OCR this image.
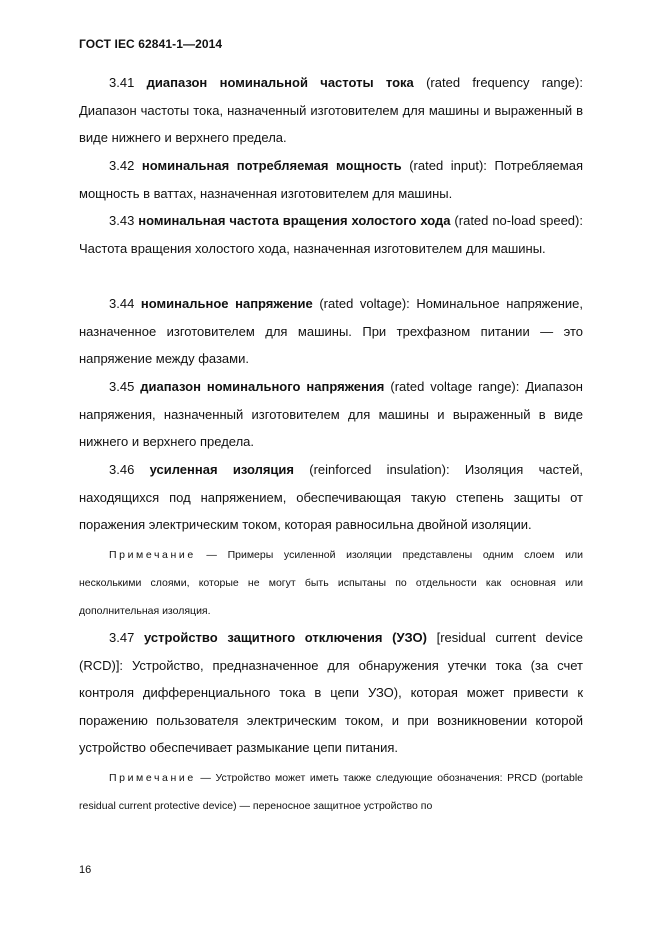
ГОСТ IEC 62841-1—2014

3.41 диапазон номинальной частоты тока (rated frequency range): Диапазон частоты тока, назначенный изготовителем для машины и выраженный в виде нижнего и верхнего предела.

3.42 номинальная потребляемая мощность (rated input): Потребляемая мощность в ваттах, назначенная изготовителем для машины.

3.43 номинальная частота вращения холостого хода (rated no-load speed): Частота вращения холостого хода, назначенная изготовителем для машины.

3.44 номинальное напряжение (rated voltage): Номинальное напряжение, назначенное изготовителем для машины. При трехфазном питании — это напряжение между фазами.

3.45 диапазон номинального напряжения (rated voltage range): Диапазон напряжения, назначенный изготовителем для машины и выраженный в виде нижнего и верхнего предела.

3.46 усиленная изоляция (reinforced insulation): Изоляция частей, находящихся под напряжением, обеспечивающая такую степень защиты от поражения электрическим током, которая равносильна двойной изоляции.

Примечание — Примеры усиленной изоляции представлены одним слоем или несколькими слоями, которые не могут быть испытаны по отдельности как основная или дополнительная изоляция.

3.47 устройство защитного отключения (УЗО) [residual current device (RCD)]: Устройство, предназначенное для обнаружения утечки тока (за счет контроля дифференциального тока в цепи УЗО), которая может привести к поражению пользователя электрическим током, и при возникновении которой устройство обеспечивает размыкание цепи питания.

Примечание — Устройство может иметь также следующие обозначения: PRCD (portable residual current protective device) — переносное защитное устройство по

16
